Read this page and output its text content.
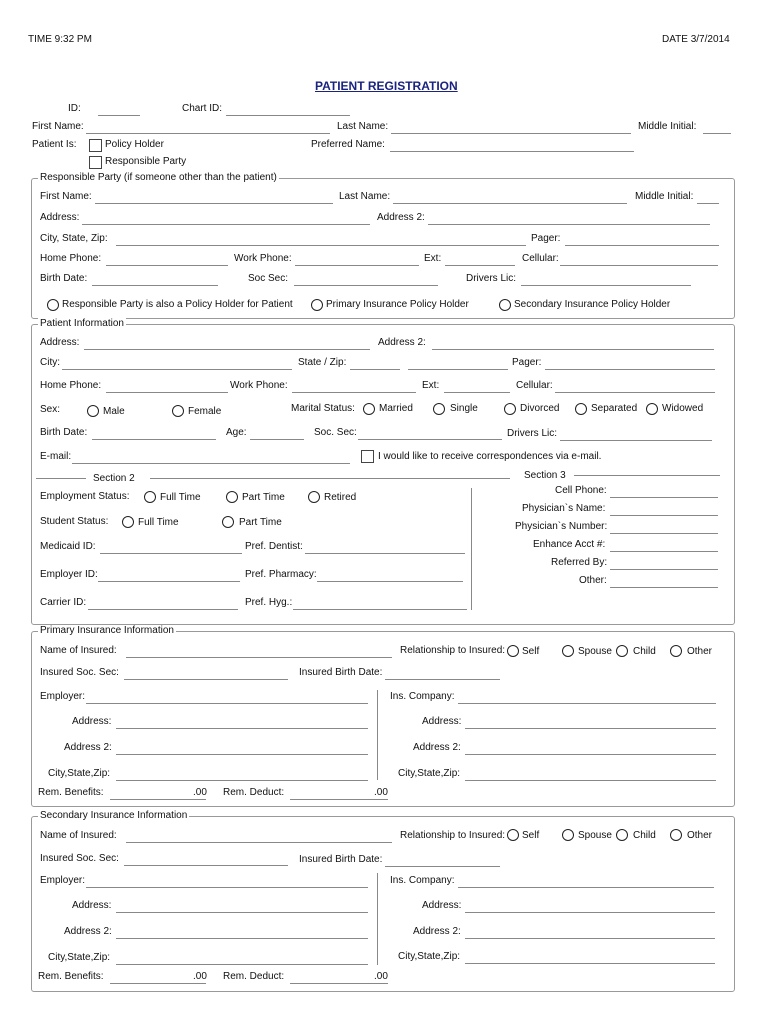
TIME 9:32 PM	DATE 3/7/2014
PATIENT REGISTRATION
ID:	Chart ID:
First Name:	Last Name:	Middle Initial:
Patient Is:	Policy Holder
Responsible Party
Preferred Name:
Responsible Party (if someone other than the patient)
First Name:	Last Name:	Middle Initial:
Address:	Address 2:
City, State, Zip:	Pager:
Home Phone:	Work Phone:	Ext:	Cellular:
Birth Date:	Soc Sec:	Drivers Lic:
Responsible Party is also a Policy Holder for Patient	Primary Insurance Policy Holder	Secondary Insurance Policy Holder
Patient Information
Address:	Address 2:
City:	State / Zip:	Pager:
Home Phone:	Work Phone:	Ext:	Cellular:
Sex:	Male	Female	Marital Status: Married	Single	Divorced	Separated Widowed
Birth Date:	Age:	Soc. Sec:	Drivers Lic:
E-mail:	I would like to receive correspondences via e-mail.
Section 2	Section 3
Employment Status:	Full Time	Part Time	Retired
Student Status:	Full Time	Part Time
Medicaid ID:	Pref. Dentist:
Employer ID:	Pref. Pharmacy:
Carrier ID:	Pref. Hyg.:
Cell Phone:
Physician`s Name:
Physician`s Number:
Enhance Acct #:
Referred By:
Other:
Primary Insurance Information
Name of Insured:	Relationship to Insured: Self	Spouse Child	Other
Insured Soc. Sec:	Insured Birth Date:
Employer:
Address:
Address 2:
City,State,Zip:
Ins. Company:
Address:
Address 2:
City,State,Zip:
Rem. Benefits:	.00 Rem. Deduct:	.00
Secondary Insurance Information
Name of Insured:	Relationship to Insured: Self	Spouse Child	Other
Insured Soc. Sec:	Insured Birth Date:
Employer:
Address:
Address 2:
City,State,Zip:
Ins. Company:
Address:
Address 2:
City,State,Zip:
Rem. Benefits:	.00 Rem. Deduct:	.00
